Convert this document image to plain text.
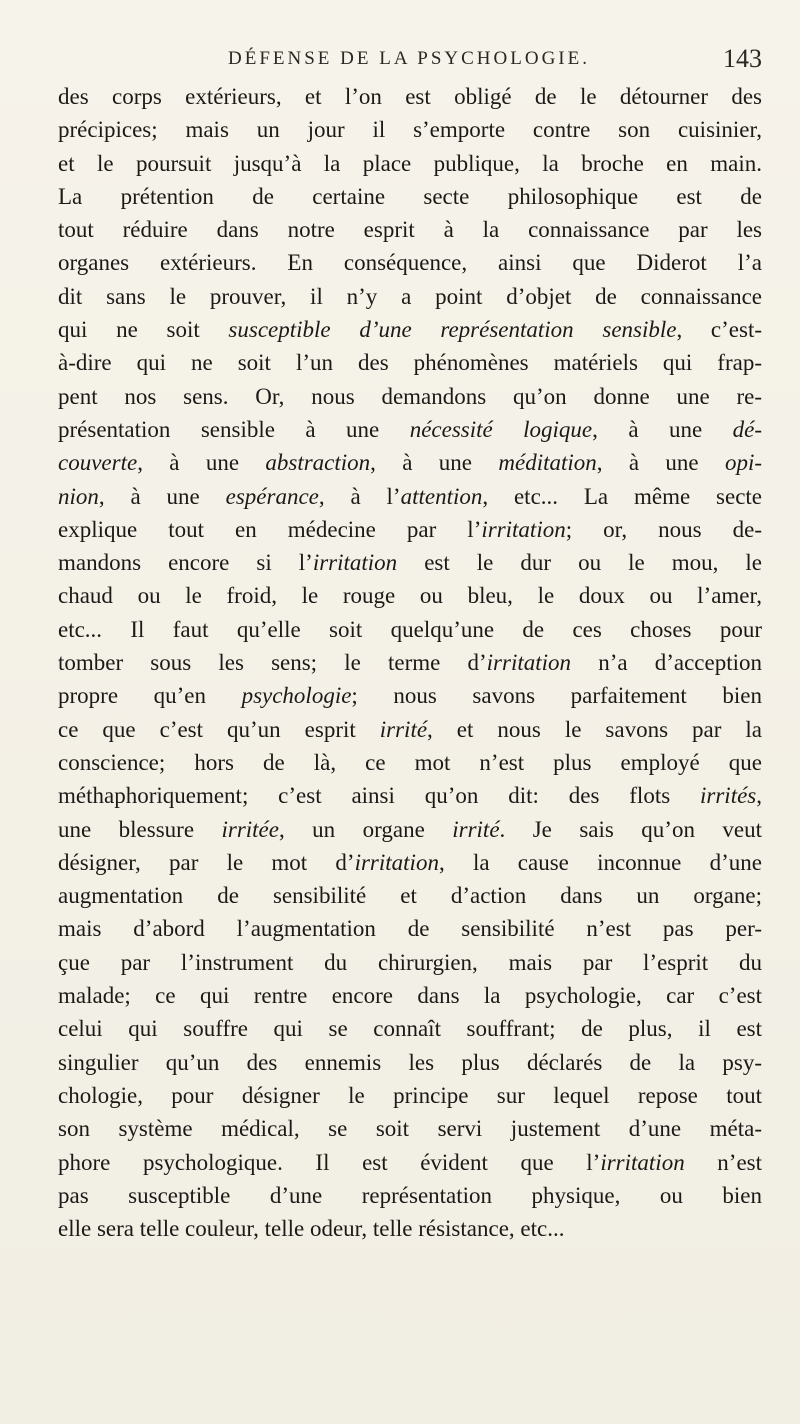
DÉFENSE DE LA PSYCHOLOGIE.	143
des corps extérieurs, et l’on est obligé de le détourner des
précipices; mais un jour il s’emporte contre son cuisinier,
et le poursuit jusqu’à la place publique, la broche en main.
La prétention de certaine secte philosophique est de
tout réduire dans notre esprit à la connaissance par les
organes extérieurs. En conséquence, ainsi que Diderot l’a
dit sans le prouver, il n’y a point d’objet de connaissance
qui ne soit susceptible d’une représentation sensible, c’est-
à-dire qui ne soit l’un des phénomènes matériels qui frap-
pent nos sens. Or, nous demandons qu’on donne une re-
présentation sensible à une nécessité logique, à une dé-
couverte, à une abstraction, à une méditation, à une opi-
nion, à une espérance, à l’attention, etc... La même secte
explique tout en médecine par l’irritation; or, nous de-
mandons encore si l’irritation est le dur ou le mou, le
chaud ou le froid, le rouge ou bleu, le doux ou l’amer,
etc... Il faut qu’elle soit quelqu’une de ces choses pour
tomber sous les sens; le terme d’irritation n’a d’acception
propre qu’en psychologie; nous savons parfaitement bien
ce que c’est qu’un esprit irrité, et nous le savons par la
conscience; hors de là, ce mot n’est plus employé que
méthaphoriquement; c’est ainsi qu’on dit: des flots irrités,
une blessure irritée, un organe irrité. Je sais qu’on veut
désigner, par le mot d’irritation, la cause inconnue d’une
augmentation de sensibilité et d’action dans un organe;
mais d’abord l’augmentation de sensibilité n’est pas per-
çue par l’instrument du chirurgien, mais par l’esprit du
malade; ce qui rentre encore dans la psychologie, car c’est
celui qui souffre qui se connaît souffrant; de plus, il est
singulier qu’un des ennemis les plus déclarés de la psy-
chologie, pour désigner le principe sur lequel repose tout
son système médical, se soit servi justement d’une méta-
phore psychologique. Il est évident que l’irritation n’est
pas susceptible d’une représentation physique, ou bien
elle sera telle couleur, telle odeur, telle résistance, etc...
